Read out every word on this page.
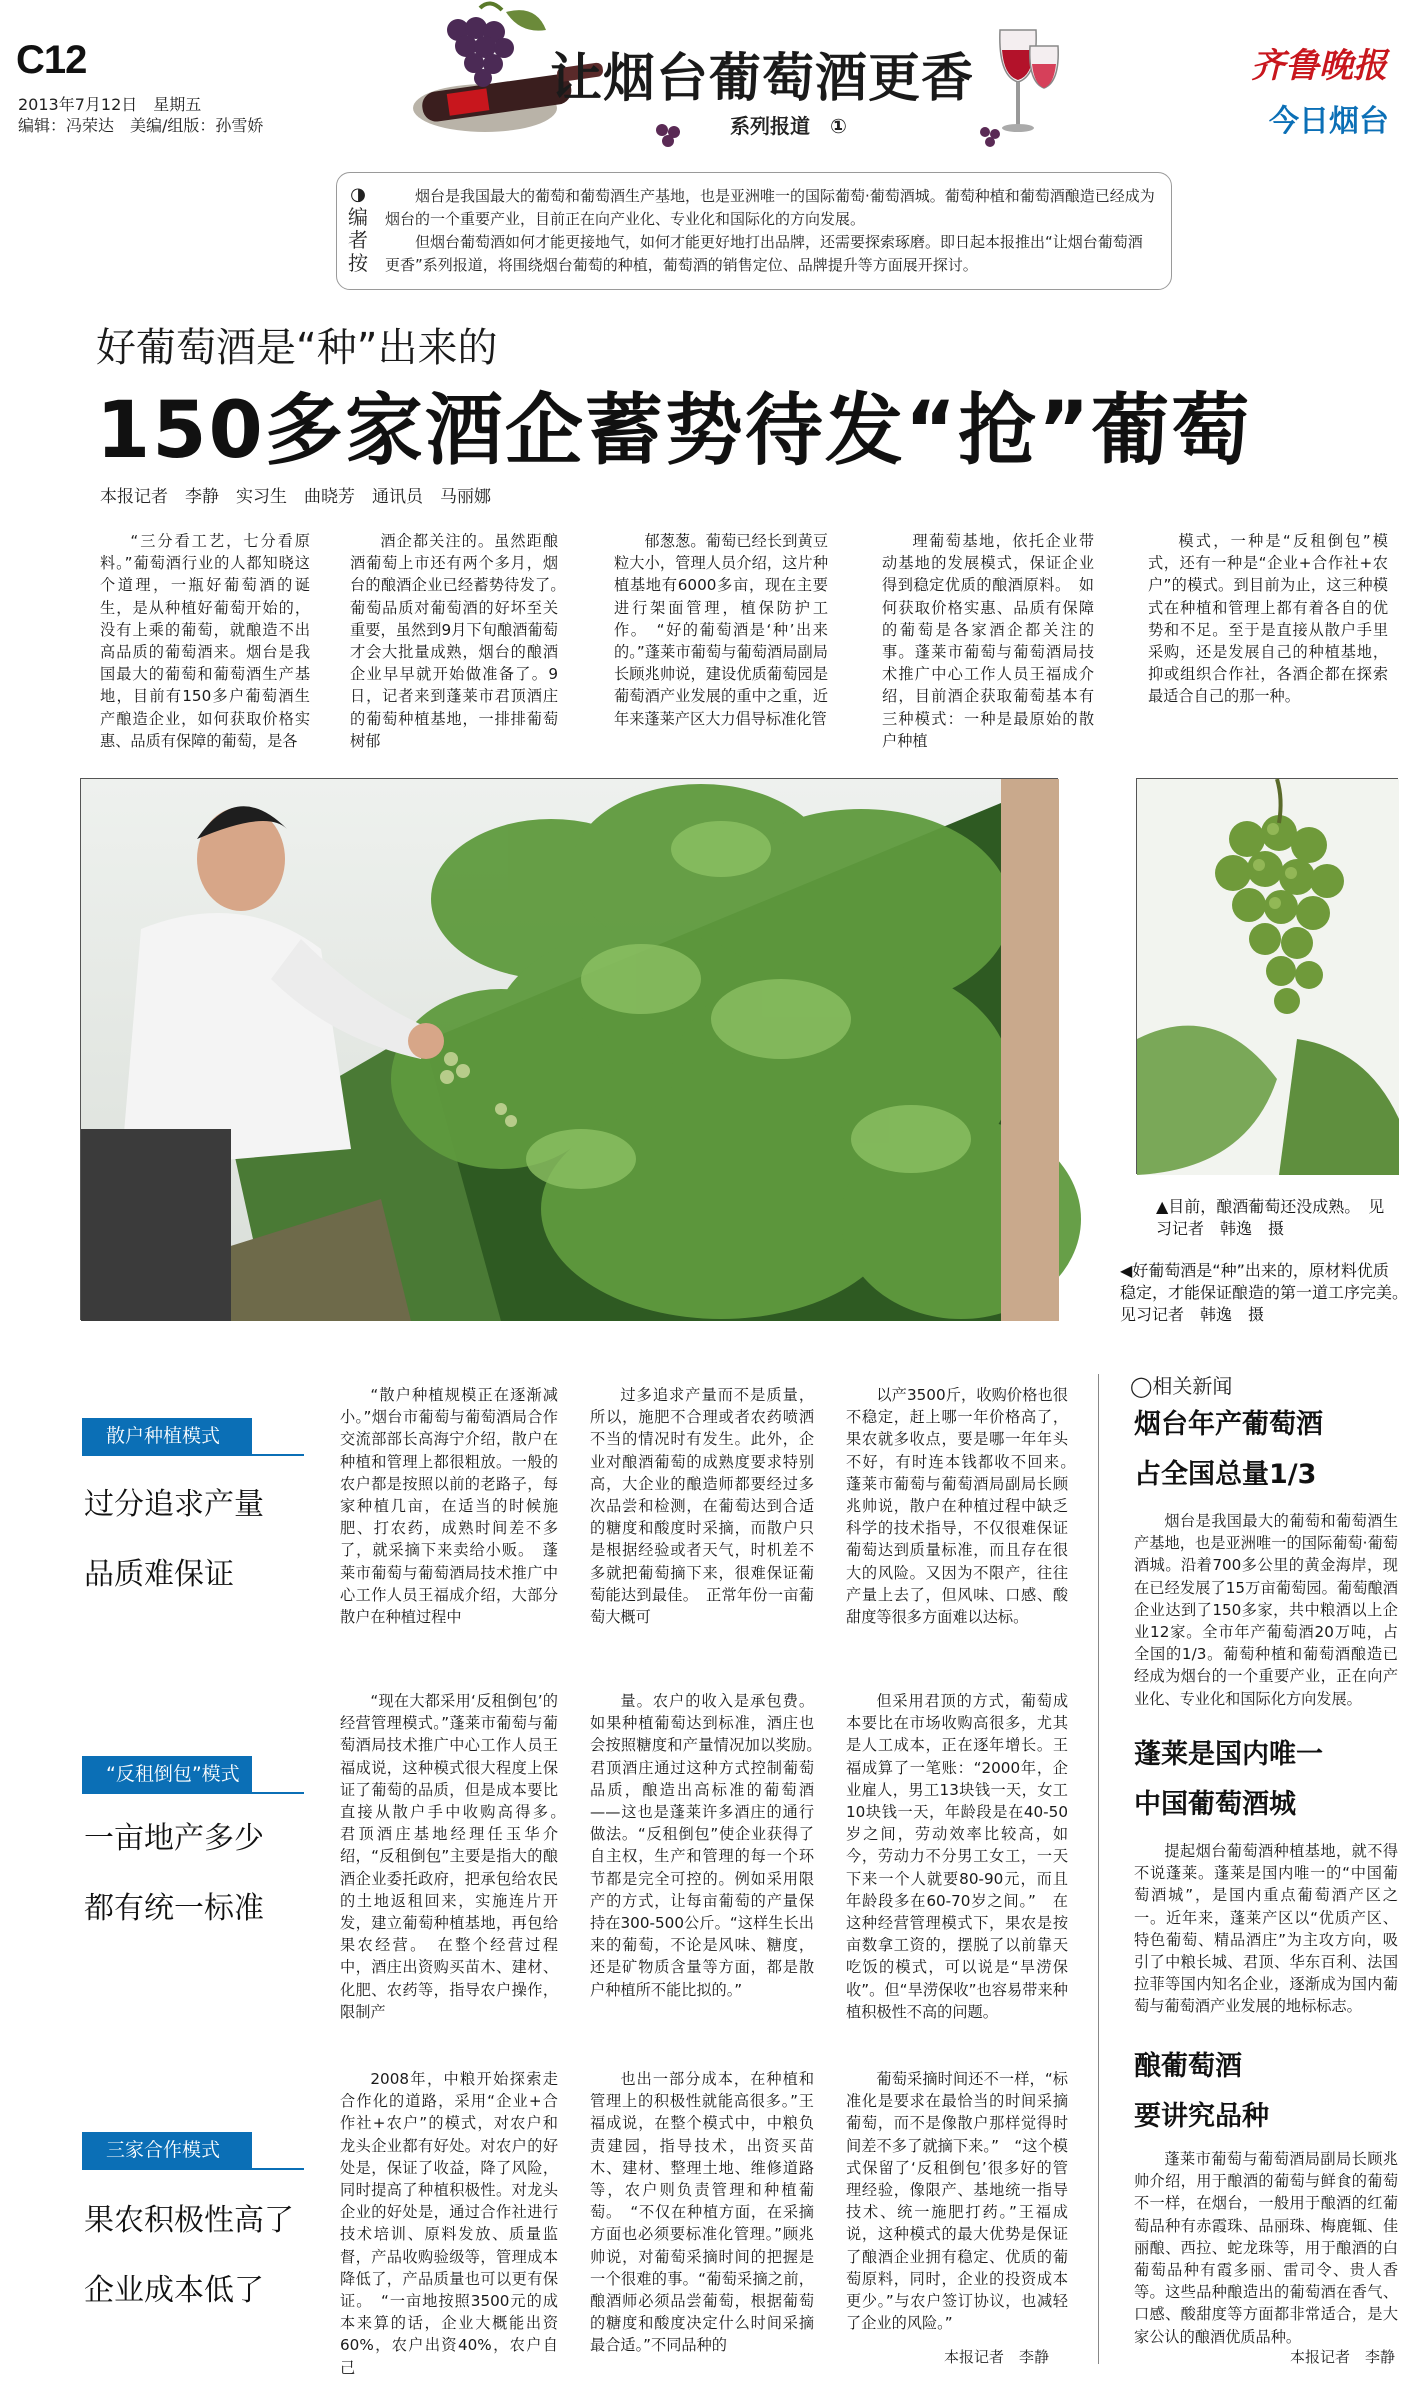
C12
2013年7月12日　星期五
编辑：冯荣达　美编/组版：孙雪娇
让烟台葡萄酒更香
系列报道　①
齐鲁晚报
今日烟台
◑
编者按

烟台是我国最大的葡萄和葡萄酒生产基地，也是亚洲唯一的国际葡萄·葡萄酒城。葡萄种植和葡萄酒酿造已经成为烟台的一个重要产业，目前正在向产业化、专业化和国际化的方向发展。

但烟台葡萄酒如何才能更接地气，如何才能更好地打出品牌，还需要探索琢磨。即日起本报推出“让烟台葡萄酒更香”系列报道，将围绕烟台葡萄的种植，葡萄酒的销售定位、品牌提升等方面展开探讨。

好葡萄酒是“种”出来的
150多家酒企蓄势待发“抢”葡萄
本报记者　李静　实习生　曲晓芳　通讯员　马丽娜

“三分看工艺，七分看原料。”葡萄酒行业的人都知晓这个道理，一瓶好葡萄酒的诞生，是从种植好葡萄开始的，没有上乘的葡萄，就酿造不出高品质的葡萄酒来。烟台是我国最大的葡萄和葡萄酒生产基地，目前有150多户葡萄酒生产酿造企业，如何获取价格实惠、品质有保障的葡萄，是各

酒企都关注的。虽然距酿酒葡萄上市还有两个多月，烟台的酿酒企业已经蓄势待发了。　葡萄品质对葡萄酒的好坏至关重要，虽然到9月下旬酿酒葡萄才会大批量成熟，烟台的酿酒企业早早就开始做准备了。9日，记者来到蓬莱市君顶酒庄的葡萄种植基地，一排排葡萄树郁

郁葱葱。葡萄已经长到黄豆粒大小，管理人员介绍，这片种植基地有6000多亩，现在主要进行架面管理，植保防护工作。　“好的葡萄酒是‘种’出来的。”蓬莱市葡萄与葡萄酒局副局长顾兆帅说，建设优质葡萄园是葡萄酒产业发展的重中之重，近年来蓬莱产区大力倡导标准化管

理葡萄基地，依托企业带动基地的发展模式，保证企业得到稳定优质的酿酒原料。　如何获取价格实惠、品质有保障的葡萄是各家酒企都关注的事。蓬莱市葡萄与葡萄酒局技术推广中心工作人员王福成介绍，目前酒企获取葡萄基本有三种模式：一种是最原始的散户种植

模式，一种是“反租倒包”模式，还有一种是“企业+合作社+农户”的模式。到目前为止，这三种模式在种植和管理上都有着各自的优势和不足。至于是直接从散户手里采购，还是发展自己的种植基地，抑或组织合作社，各酒企都在探索最适合自己的那一种。

▲目前，酿酒葡萄还没成熟。　见习记者　韩逸　摄
◀好葡萄酒是“种”出来的，原材料优质稳定，才能保证酿造的第一道工序完美。　见习记者　韩逸　摄
散户种植模式
过分追求产量
品质难保证

“散户种植规模正在逐渐减小。”烟台市葡萄与葡萄酒局合作交流部部长高海宁介绍，散户在种植和管理上都很粗放。一般的农户都是按照以前的老路子，每家种植几亩，在适当的时候施肥、打农药，成熟时间差不多了，就采摘下来卖给小贩。　蓬莱市葡萄与葡萄酒局技术推广中心工作人员王福成介绍，大部分散户在种植过程中

过多追求产量而不是质量，所以，施肥不合理或者农药喷洒不当的情况时有发生。此外，企业对酿酒葡萄的成熟度要求特别高，大企业的酿造师都要经过多次品尝和检测，在葡萄达到合适的糖度和酸度时采摘，而散户只是根据经验或者天气，时机差不多就把葡萄摘下来，很难保证葡萄能达到最佳。　正常年份一亩葡萄大概可

以产3500斤，收购价格也很不稳定，赶上哪一年价格高了，果农就多收点，要是哪一年年头不好，有时连本钱都收不回来。　蓬莱市葡萄与葡萄酒局副局长顾兆帅说，散户在种植过程中缺乏科学的技术指导，不仅很难保证葡萄达到质量标准，而且存在很大的风险。又因为不限产，往往产量上去了，但风味、口感、酸甜度等很多方面难以达标。

“反租倒包”模式
一亩地产多少
都有统一标准

“现在大都采用‘反租倒包’的经营管理模式。”蓬莱市葡萄与葡萄酒局技术推广中心工作人员王福成说，这种模式很大程度上保证了葡萄的品质，但是成本要比直接从散户手中收购高得多。　君顶酒庄基地经理任玉华介绍，“反租倒包”主要是指大的酿酒企业委托政府，把承包给农民的土地返租回来，实施连片开发，建立葡萄种植基地，再包给果农经营。　在整个经营过程中，酒庄出资购买苗木、建材、化肥、农药等，指导农户操作，限制产

量。农户的收入是承包费。如果种植葡萄达到标准，酒庄也会按照糖度和产量情况加以奖励。　君顶酒庄通过这种方式控制葡萄品质，酿造出高标准的葡萄酒——这也是蓬莱许多酒庄的通行做法。“反租倒包”使企业获得了自主权，生产和管理的每一个环节都是完全可控的。例如采用限产的方式，让每亩葡萄的产量保持在300-500公斤。“这样生长出来的葡萄，不论是风味、糖度，还是矿物质含量等方面，都是散户种植所不能比拟的。”

但采用君顶的方式，葡萄成本要比在市场收购高很多，尤其是人工成本，正在逐年增长。王福成算了一笔账：“2000年，企业雇人，男工13块钱一天，女工10块钱一天，年龄段是在40-50岁之间，劳动效率比较高，如今，劳动力不分男工女工，一天下来一个人就要80-90元，而且年龄段多在60-70岁之间。”　在这种经营管理模式下，果农是按亩数拿工资的，摆脱了以前靠天吃饭的模式，可以说是“旱涝保收”。但“旱涝保收”也容易带来种植积极性不高的问题。

三家合作模式
果农积极性高了
企业成本低了

2008年，中粮开始探索走合作化的道路，采用“企业+合作社+农户”的模式，对农户和龙头企业都有好处。对农户的好处是，保证了收益，降了风险，同时提高了种植积极性。对龙头企业的好处是，通过合作社进行技术培训、原料发放、质量监督，产品收购验级等，管理成本降低了，产品质量也可以更有保证。　“一亩地按照3500元的成本来算的话，企业大概能出资60%，农户出资40%，农户自己

也出一部分成本，在种植和管理上的积极性就能高很多。”王福成说，在整个模式中，中粮负责建园，指导技术，出资买苗木、建材、整理土地、维修道路等，农户则负责管理和种植葡萄。　“不仅在种植方面，在采摘方面也必须要标准化管理。”顾兆帅说，对葡萄采摘时间的把握是一个很难的事。“葡萄采摘之前，酿酒师必须品尝葡萄，根据葡萄的糖度和酸度决定什么时间采摘最合适。”不同品种的

葡萄采摘时间还不一样，“标准化是要求在最恰当的时间采摘葡萄，而不是像散户那样觉得时间差不多了就摘下来。”　“这个模式保留了‘反租倒包’很多好的管理经验，像限产、基地统一指导技术、统一施肥打药。”王福成说，这种模式的最大优势是保证了酿酒企业拥有稳定、优质的葡萄原料，同时，企业的投资成本更少。”与农户签订协议，也减轻了企业的风险。”

本报记者　李静
◯相关新闻
烟台年产葡萄酒
占全国总量1/3

烟台是我国最大的葡萄和葡萄酒生产基地，也是亚洲唯一的国际葡萄·葡萄酒城。沿着700多公里的黄金海岸，现在已经发展了15万亩葡萄园。葡萄酿酒企业达到了150多家，共中粮酒以上企业12家。全市年产葡萄酒20万吨，占全国的1/3。葡萄种植和葡萄酒酿造已经成为烟台的一个重要产业，正在向产业化、专业化和国际化方向发展。

蓬莱是国内唯一
中国葡萄酒城

提起烟台葡萄酒种植基地，就不得不说蓬莱。蓬莱是国内唯一的“中国葡萄酒城”，是国内重点葡萄酒产区之一。近年来，蓬莱产区以“优质产区、特色葡萄、精品酒庄”为主攻方向，吸引了中粮长城、君顶、华东百利、法国拉菲等国内知名企业，逐渐成为国内葡萄与葡萄酒产业发展的地标标志。

酿葡萄酒
要讲究品种

蓬莱市葡萄与葡萄酒局副局长顾兆帅介绍，用于酿酒的葡萄与鲜食的葡萄不一样，在烟台，一般用于酿酒的红葡萄品种有赤霞珠、品丽珠、梅鹿辄、佳丽酿、西拉、蛇龙珠等，用于酿酒的白葡萄品种有霞多丽、雷司令、贵人香等。这些品种酿造出的葡萄酒在香气、口感、酸甜度等方面都非常适合，是大家公认的酿酒优质品种。

本报记者　李静
